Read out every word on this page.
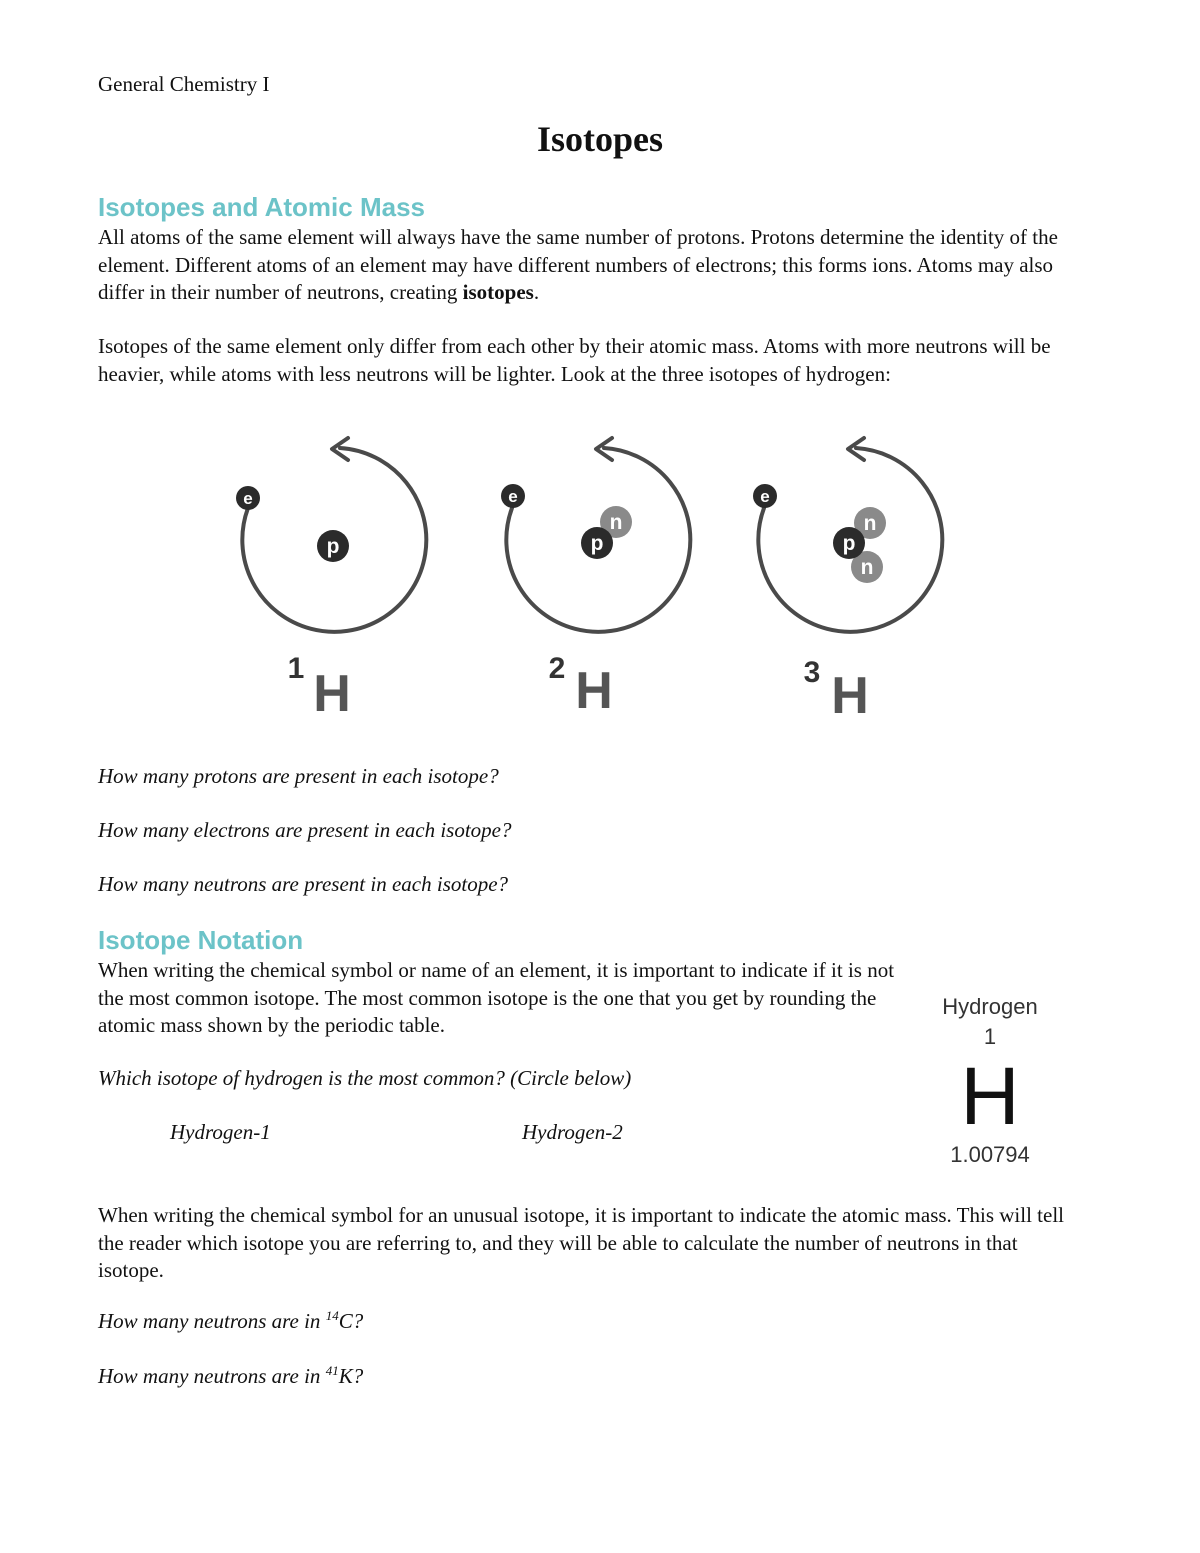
General Chemistry I
Isotopes
Isotopes and Atomic Mass
All atoms of the same element will always have the same number of protons. Protons determine the identity of the element. Different atoms of an element may have different numbers of electrons; this forms ions. Atoms may also differ in their number of neutrons, creating isotopes.
Isotopes of the same element only differ from each other by their atomic mass. Atoms with more neutrons will be heavier, while atoms with less neutrons will be lighter. Look at the three isotopes of hydrogen:
e
p
1 H
e
n
p
2 H
e
n
n
p
3 H
How many protons are present in each isotope?
How many electrons are present in each isotope?
How many neutrons are present in each isotope?
Isotope Notation
When writing the chemical symbol or name of an element, it is important to indicate if it is not the most common isotope. The most common isotope is the one that you get by rounding the atomic mass shown by the periodic table.
Which isotope of hydrogen is the most common? (Circle below)
Hydrogen-1	Hydrogen-2
Hydrogen
1
H
1.00794
When writing the chemical symbol for an unusual isotope, it is important to indicate the atomic mass. This will tell the reader which isotope you are referring to, and they will be able to calculate the number of neutrons in that isotope.
How many neutrons are in $^{14}$C?
How many neutrons are in $^{41}$K?
